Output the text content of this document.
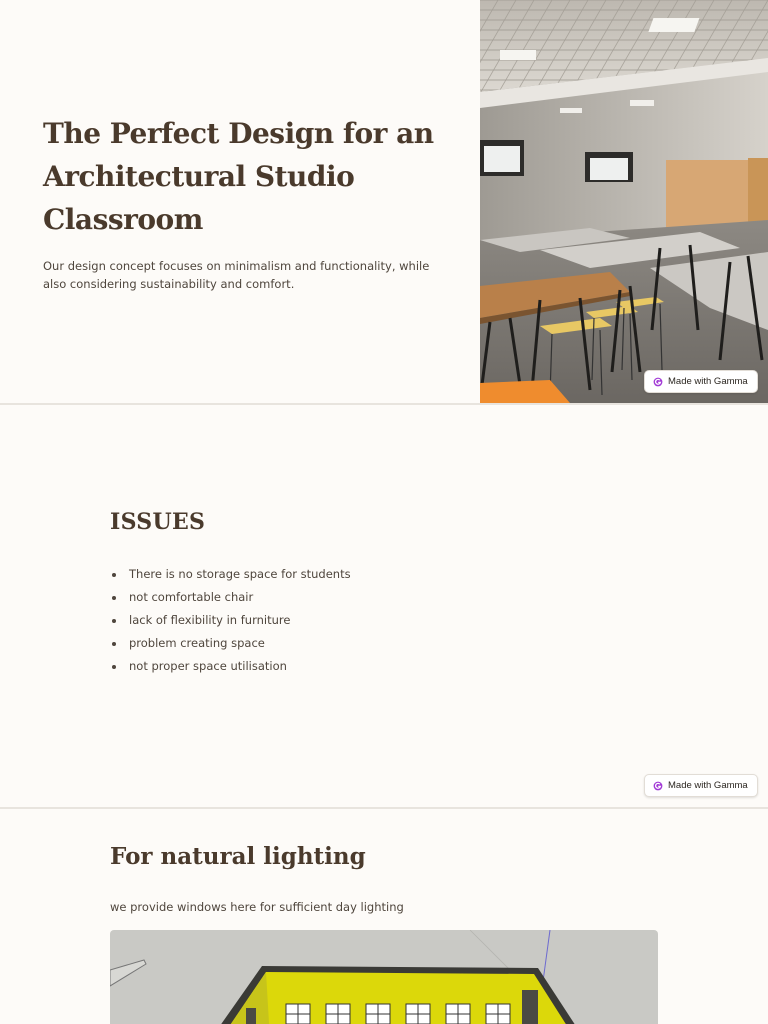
The Perfect Design for an Architectural Studio Classroom

Our design concept focuses on minimalism and functionality, while also considering sustainability and comfort.

Made with Gamma
ISSUES
There is no storage space for students
not comfortable chair
lack of flexibility in furniture
problem creating space
not proper space utilisation
Made with Gamma
For natural lighting

we provide windows here for sufficient day lighting
